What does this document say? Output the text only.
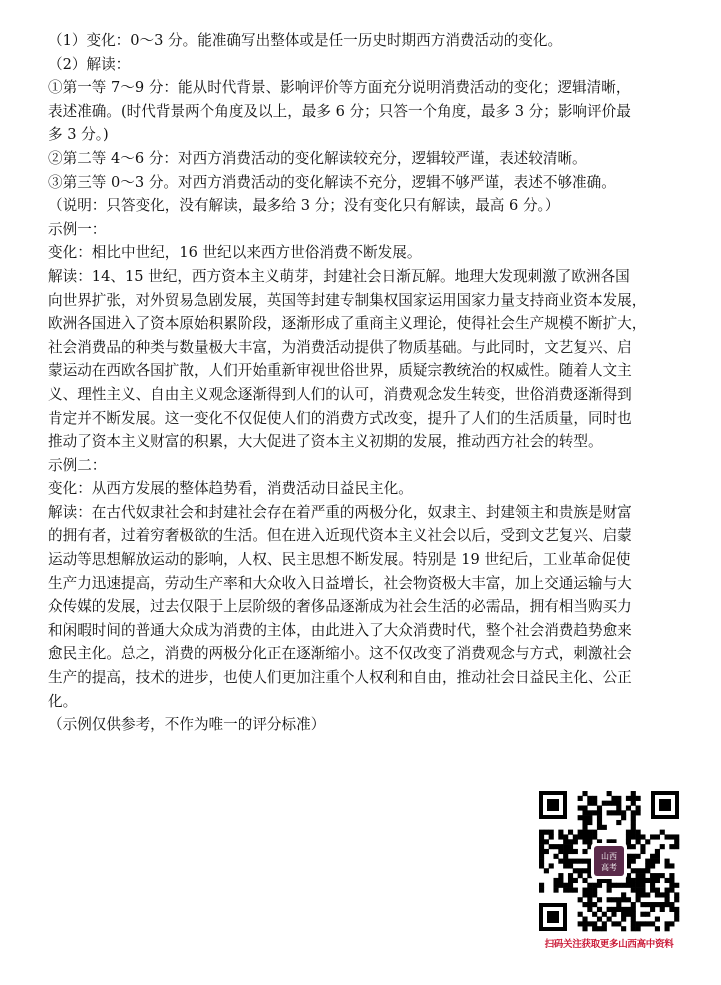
（1）变化：0～3 分。能准确写出整体或是任一历史时期西方消费活动的变化。
（2）解读：
①第一等 7～9 分：能从时代背景、影响评价等方面充分说明消费活动的变化；逻辑清晰，
表述准确。(时代背景两个角度及以上，最多 6 分；只答一个角度，最多 3 分；影响评价最
多 3 分。)
②第二等 4～6 分：对西方消费活动的变化解读较充分，逻辑较严谨，表述较清晰。
③第三等 0～3 分。对西方消费活动的变化解读不充分，逻辑不够严谨，表述不够准确。
（说明：只答变化，没有解读，最多给 3 分；没有变化只有解读，最高 6 分。）
示例一：
变化：相比中世纪，16 世纪以来西方世俗消费不断发展。
解读：14、15 世纪，西方资本主义萌芽，封建社会日渐瓦解。地理大发现刺激了欧洲各国
向世界扩张，对外贸易急剧发展，英国等封建专制集权国家运用国家力量支持商业资本发展，
欧洲各国进入了资本原始积累阶段，逐渐形成了重商主义理论，使得社会生产规模不断扩大，
社会消费品的种类与数量极大丰富，为消费活动提供了物质基础。与此同时，文艺复兴、启
蒙运动在西欧各国扩散，人们开始重新审视世俗世界，质疑宗教统治的权威性。随着人文主
义、理性主义、自由主义观念逐渐得到人们的认可，消费观念发生转变，世俗消费逐渐得到
肯定并不断发展。这一变化不仅促使人们的消费方式改变，提升了人们的生活质量，同时也
推动了资本主义财富的积累，大大促进了资本主义初期的发展，推动西方社会的转型。
示例二：
变化：从西方发展的整体趋势看，消费活动日益民主化。
解读：在古代奴隶社会和封建社会存在着严重的两极分化，奴隶主、封建领主和贵族是财富
的拥有者，过着穷奢极欲的生活。但在进入近现代资本主义社会以后，受到文艺复兴、启蒙
运动等思想解放运动的影响，人权、民主思想不断发展。特别是 19 世纪后，工业革命促使
生产力迅速提高，劳动生产率和大众收入日益增长，社会物资极大丰富，加上交通运输与大
众传媒的发展，过去仅限于上层阶级的奢侈品逐渐成为社会生活的必需品，拥有相当购买力
和闲暇时间的普通大众成为消费的主体，由此进入了大众消费时代，整个社会消费趋势愈来
愈民主化。总之，消费的两极分化正在逐渐缩小。这不仅改变了消费观念与方式，刺激社会
生产的提高，技术的进步，也使人们更加注重个人权利和自由，推动社会日益民主化、公正
化。
（示例仅供参考，不作为唯一的评分标准）
山西
高考
扫码关注获取更多山西高中资料
